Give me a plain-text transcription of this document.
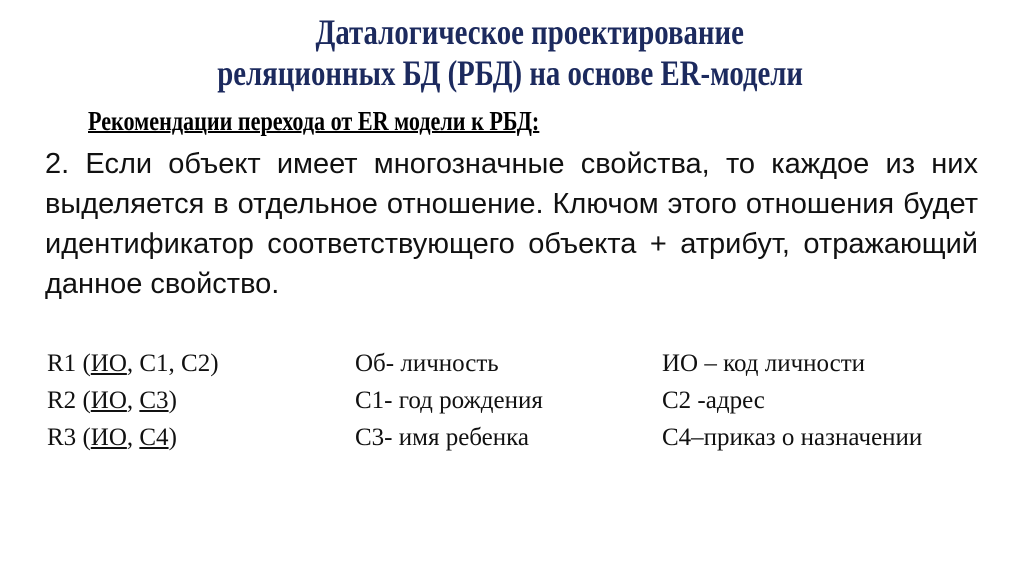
Даталогическое проектирование
реляционных БД (РБД) на основе ER-модели
Рекомендации перехода от ER модели к РБД:
2. Если объект имеет многозначные свойства, то каждое из них выделяется в отдельное отношение. Ключом этого отношения будет идентификатор соответствующего объекта + атрибут, отражающий данное свойство.
R1 (ИО, С1, С2)
R2 (ИО, С3)
R3 (ИО, С4)
Об- личность
С1- год рождения
С3- имя ребенка
ИО – код личности
С2 -адрес
С4–приказ о назначении
